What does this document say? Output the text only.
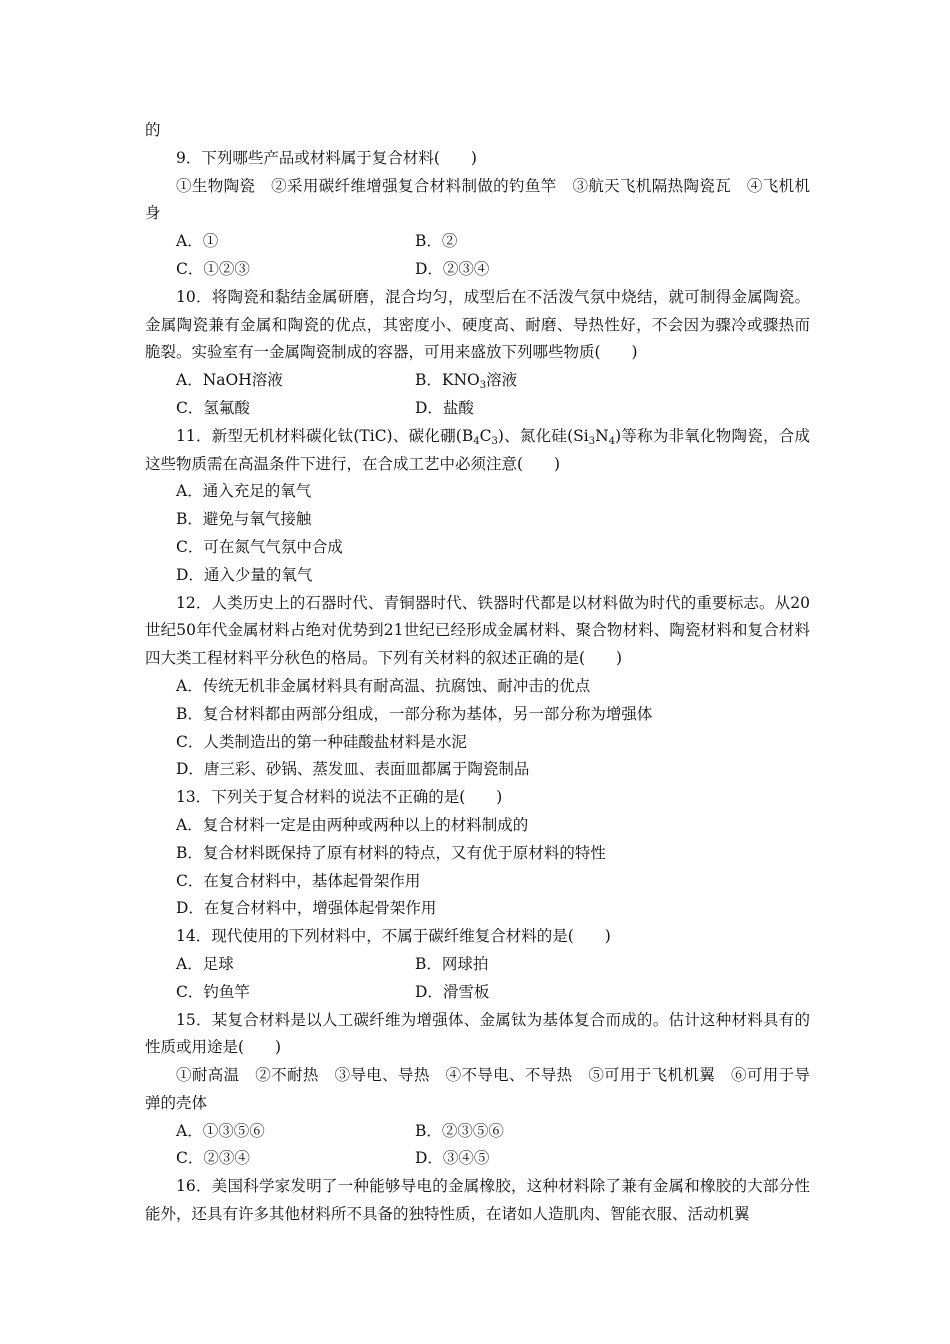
的

9．下列哪些产品或材料属于复合材料(　　)

①生物陶瓷　②采用碳纤维增强复合材料制做的钓鱼竿　③航天飞机隔热陶瓷瓦　④飞机机身

A．①	B．②
C．①②③	D．②③④

10．将陶瓷和黏结金属研磨，混合均匀，成型后在不活泼气氛中烧结，就可制得金属陶瓷。金属陶瓷兼有金属和陶瓷的优点，其密度小、硬度高、耐磨、导热性好，不会因为骤冷或骤热而脆裂。实验室有一金属陶瓷制成的容器，可用来盛放下列哪些物质(　　)

A．NaOH溶液	B．$KNO_3$溶液
C．氢氟酸	D．盐酸

11．新型无机材料碳化钛(TiC)、碳化硼$(B_4C_3)$、氮化硅$(Si_3N_4)$等称为非氧化物陶瓷，合成这些物质需在高温条件下进行，在合成工艺中必须注意(　　)

A．通入充足的氧气

B．避免与氧气接触

C．可在氮气气氛中合成

D．通入少量的氧气

12．人类历史上的石器时代、青铜器时代、铁器时代都是以材料做为时代的重要标志。从20世纪50年代金属材料占绝对优势到21世纪已经形成金属材料、聚合物材料、陶瓷材料和复合材料四大类工程材料平分秋色的格局。下列有关材料的叙述正确的是(　　)

A．传统无机非金属材料具有耐高温、抗腐蚀、耐冲击的优点

B．复合材料都由两部分组成，一部分称为基体，另一部分称为增强体

C．人类制造出的第一种硅酸盐材料是水泥

D．唐三彩、砂锅、蒸发皿、表面皿都属于陶瓷制品

13．下列关于复合材料的说法不正确的是(　　)

A．复合材料一定是由两种或两种以上的材料制成的

B．复合材料既保持了原有材料的特点，又有优于原材料的特性

C．在复合材料中，基体起骨架作用

D．在复合材料中，增强体起骨架作用

14．现代使用的下列材料中，不属于碳纤维复合材料的是(　　)

A．足球	B．网球拍
C．钓鱼竿	D．滑雪板

15．某复合材料是以人工碳纤维为增强体、金属钛为基体复合而成的。估计这种材料具有的性质或用途是(　　)

①耐高温　②不耐热　③导电、导热　④不导电、不导热　⑤可用于飞机机翼　⑥可用于导弹的壳体

A．①③⑤⑥	B．②③⑤⑥
C．②③④	D．③④⑤

16．美国科学家发明了一种能够导电的金属橡胶，这种材料除了兼有金属和橡胶的大部分性能外，还具有许多其他材料所不具备的独特性质，在诸如人造肌肉、智能衣服、活动机翼
